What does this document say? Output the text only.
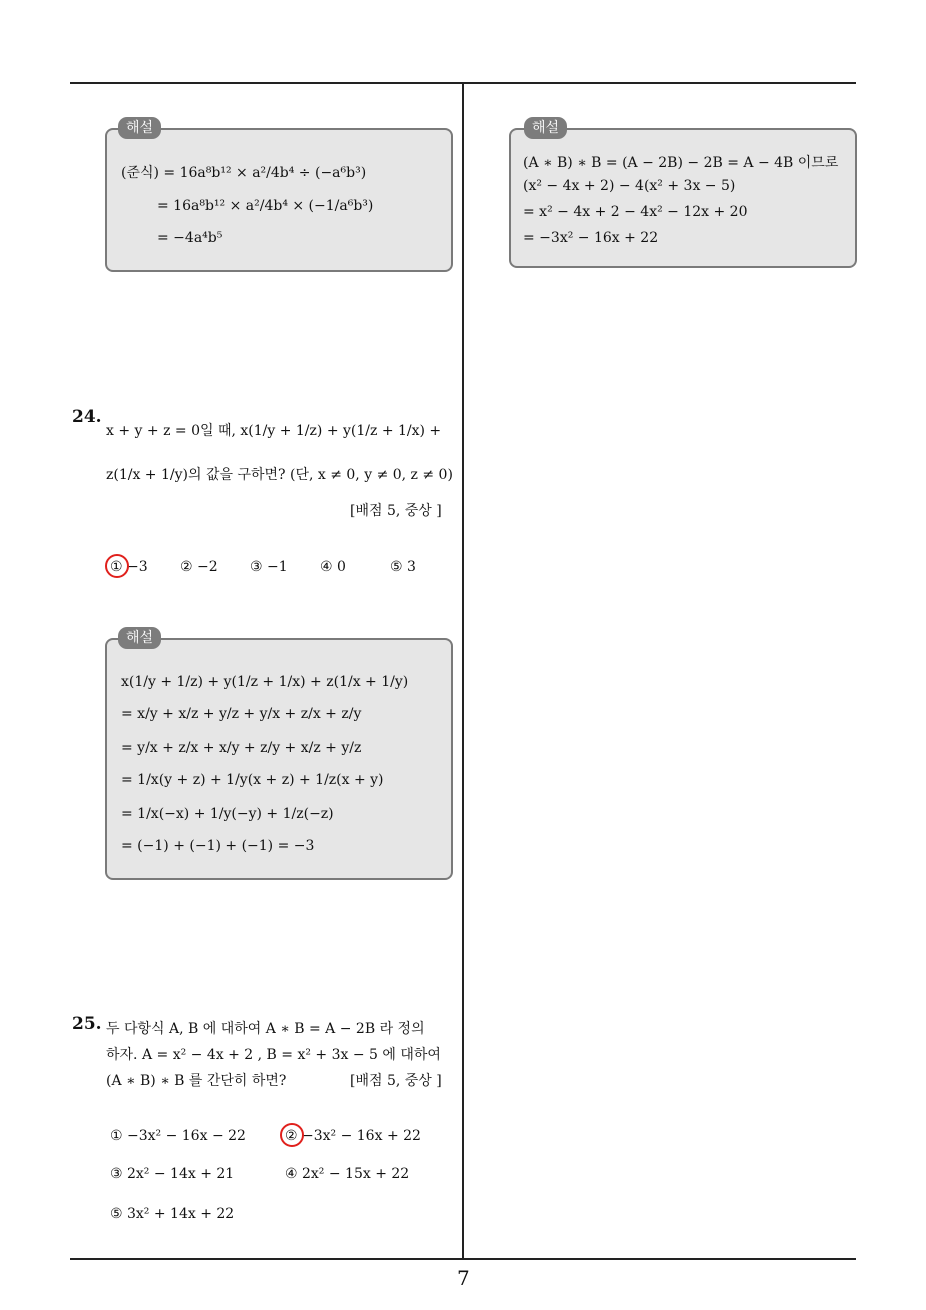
(준식) = 16a⁸b¹² × a²/4b⁴ ÷ (−a⁶b³)
= 16a⁸b¹² × a²/4b⁴ × (−1/a⁶b³)
= −4a⁴b⁵
해설
(A ∗ B) ∗ B = (A − 2B) − 2B = A − 4B 이므로
(x² − 4x + 2) − 4(x² + 3x − 5)
= x² − 4x + 2 − 4x² − 12x + 20
= −3x² − 16x + 22
해설
24.
x + y + z = 0일 때, x(1/y + 1/z) + y(1/z + 1/x) +
z(1/x + 1/y)의 값을 구하면? (단, x ≠ 0, y ≠ 0, z ≠ 0)
[배점 5, 중상 ]
① −3 ② −2 ③ −1 ④ 0	⑤ 3
x(1/y + 1/z) + y(1/z + 1/x) + z(1/x + 1/y)
= x/y + x/z + y/z + y/x + z/x + z/y
= y/x + z/x + x/y + z/y + x/z + y/z
= 1/x(y + z) + 1/y(x + z) + 1/z(x + y)
= 1/x(−x) + 1/y(−y) + 1/z(−z)
= (−1) + (−1) + (−1) = −3
해설
25. 두 다항식 A, B 에 대하여 A ∗ B = A − 2B 라 정의
하자. A = x² − 4x + 2 , B = x² + 3x − 5 에 대하여
(A ∗ B) ∗ B 를 간단히 하면?	[배점 5, 중상 ]
① −3x² − 16x − 22	② −3x² − 16x + 22
③ 2x² − 14x + 21	④ 2x² − 15x + 22
⑤ 3x² + 14x + 22
7
